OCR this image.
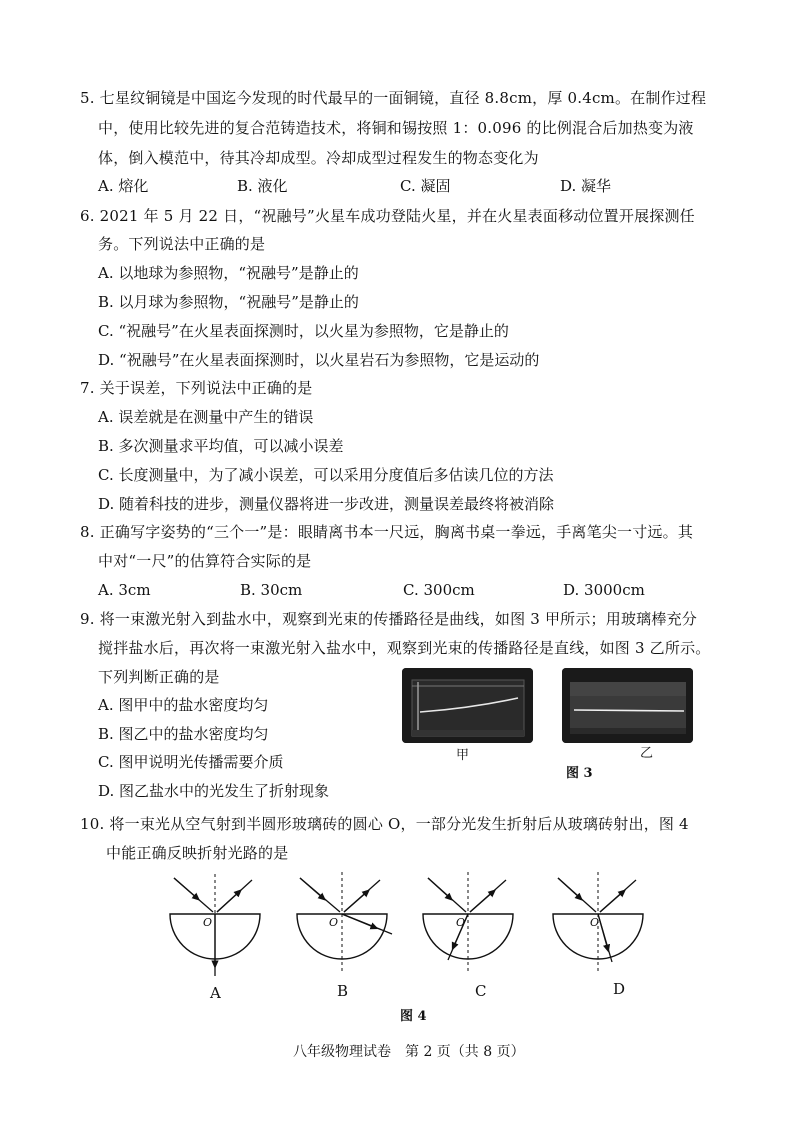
5. 七星纹铜镜是中国迄今发现的时代最早的一面铜镜，直径 8.8cm，厚 0.4cm。在制作过程
中，使用比较先进的复合范铸造技术，将铜和锡按照 1：0.096 的比例混合后加热变为液
体，倒入模范中，待其冷却成型。冷却成型过程发生的物态变化为
A. 熔化	B. 液化	C. 凝固	D. 凝华
6. 2021 年 5 月 22 日，“祝融号”火星车成功登陆火星，并在火星表面移动位置开展探测任
务。下列说法中正确的是
A. 以地球为参照物，“祝融号”是静止的
B. 以月球为参照物，“祝融号”是静止的
C. “祝融号”在火星表面探测时，以火星为参照物，它是静止的
D. “祝融号”在火星表面探测时，以火星岩石为参照物，它是运动的
7. 关于误差，下列说法中正确的是
A. 误差就是在测量中产生的错误
B. 多次测量求平均值，可以减小误差
C. 长度测量中，为了减小误差，可以采用分度值后多估读几位的方法
D. 随着科技的进步，测量仪器将进一步改进，测量误差最终将被消除
8. 正确写字姿势的“三个一”是：眼睛离书本一尺远，胸离书桌一拳远，手离笔尖一寸远。其
中对“一尺”的估算符合实际的是
A. 3cm	B. 30cm	C. 300cm	D. 3000cm
9. 将一束激光射入到盐水中，观察到光束的传播路径是曲线，如图 3 甲所示；用玻璃棒充分
搅拌盐水后，再次将一束激光射入盐水中，观察到光束的传播路径是直线，如图 3 乙所示。
下列判断正确的是
A. 图甲中的盐水密度均匀
B. 图乙中的盐水密度均匀
C. 图甲说明光传播需要介质
D. 图乙盐水中的光发生了折射现象
甲	乙
图 3
10. 将一束光从空气射到半圆形玻璃砖的圆心 O，一部分光发生折射后从玻璃砖射出，图 4
中能正确反映折射光路的是
O	O	O	O
A	B	C	D
图 4
八年级物理试卷　第 2 页（共 8 页）
